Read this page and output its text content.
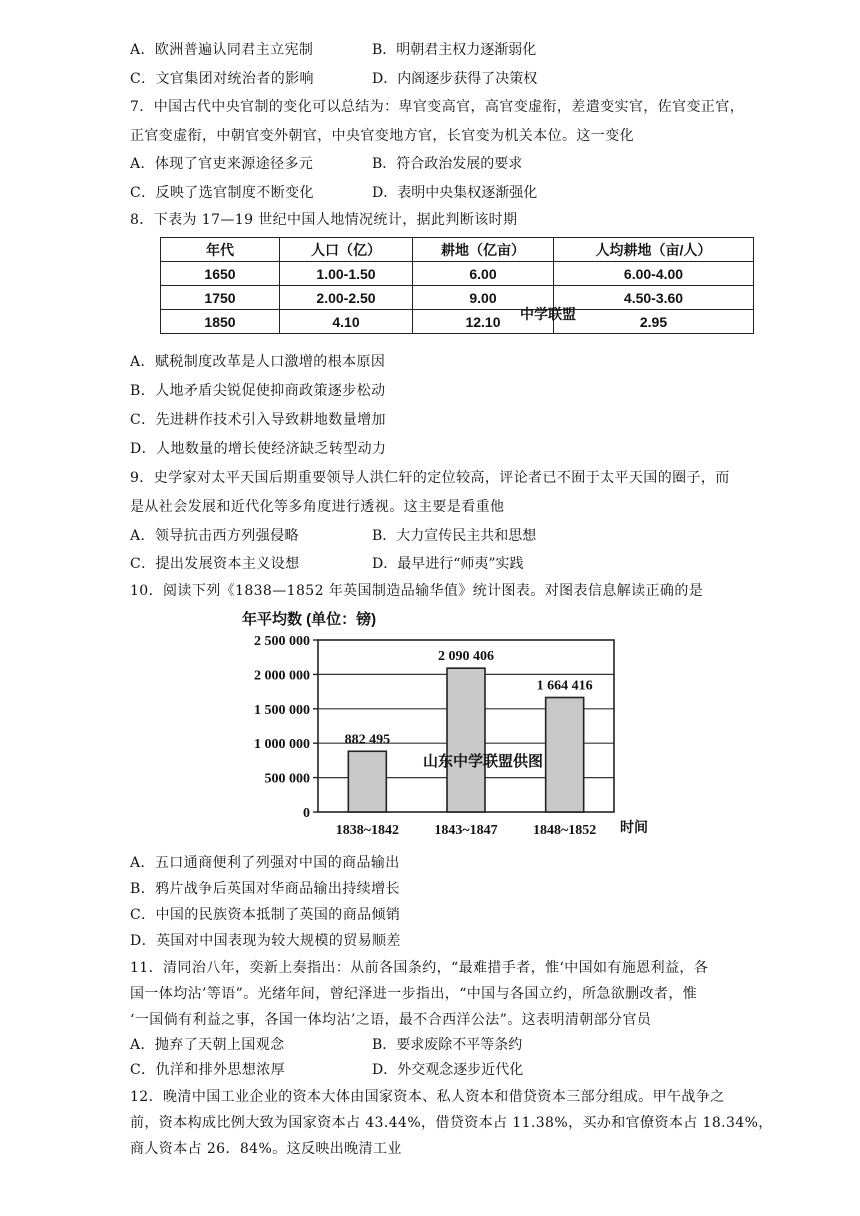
A．欧洲普遍认同君主立宪制	B．明朝君主权力逐渐弱化
C．文官集团对统治者的影响	D．内阁逐步获得了决策权
7．中国古代中央官制的变化可以总结为：卑官变高官，高官变虚衔，差遣变实官，佐官变正官，
正官变虚衔，中朝官变外朝官，中央官变地方官，长官变为机关本位。这一变化
A．体现了官吏来源途径多元	B．符合政治发展的要求
C．反映了选官制度不断变化	D．表明中央集权逐渐强化
8．下表为 17—19 世纪中国人地情况统计，据此判断该时期
年代	人口（亿）	耕地（亿亩）	人均耕地（亩/人）
1650	1.00-1.50	6.00	6.00-4.00
1750	2.00-2.50	9.00	4.50-3.60
1850	4.10	12.10	2.95
中学联盟
A．赋税制度改革是人口激增的根本原因
B．人地矛盾尖锐促使抑商政策逐步松动
C．先进耕作技术引入导致耕地数量增加
D．人地数量的增长使经济缺乏转型动力
9．史学家对太平天国后期重要领导人洪仁轩的定位较高，评论者已不囿于太平天国的圈子，而
是从社会发展和近代化等多角度进行透视。这主要是看重他
A．领导抗击西方列强侵略	B．大力宣传民主共和思想
C．提出发展资本主义设想	D．最早进行“师夷”实践
10．阅读下列《1838—1852 年英国制造品输华值》统计图表。对图表信息解读正确的是
0
500 000
1 000 000
1 500 000
2 000 000
2 500 000
882 495
1838~1842
2 090 406
1843~1847
1 664 416
1848~1852
年平均数 (单位：镑)
时间
山东中学联盟供图
A．五口通商便利了列强对中国的商品输出
B．鸦片战争后英国对华商品输出持续增长
C．中国的民族资本抵制了英国的商品倾销
D．英国对中国表现为较大规模的贸易顺差
11．清同治八年，奕新上奏指出：从前各国条约，“最难措手者，惟‘中国如有施恩利益，各
国一体均沾’等语”。光绪年间，曾纪泽进一步指出，“中国与各国立约，所急欲删改者，惟
‘一国倘有利益之事，各国一体均沾’之语，最不合西洋公法”。这表明清朝部分官员
A．抛弃了天朝上国观念	B．要求废除不平等条约
C．仇洋和排外思想浓厚	D．外交观念逐步近代化
12．晚清中国工业企业的资本大体由国家资本、私人资本和借贷资本三部分组成。甲午战争之
前，资本构成比例大致为国家资本占 43.44%，借贷资本占 11.38%，买办和官僚资本占 18.34%，
商人资本占 26．84%。这反映出晚清工业
